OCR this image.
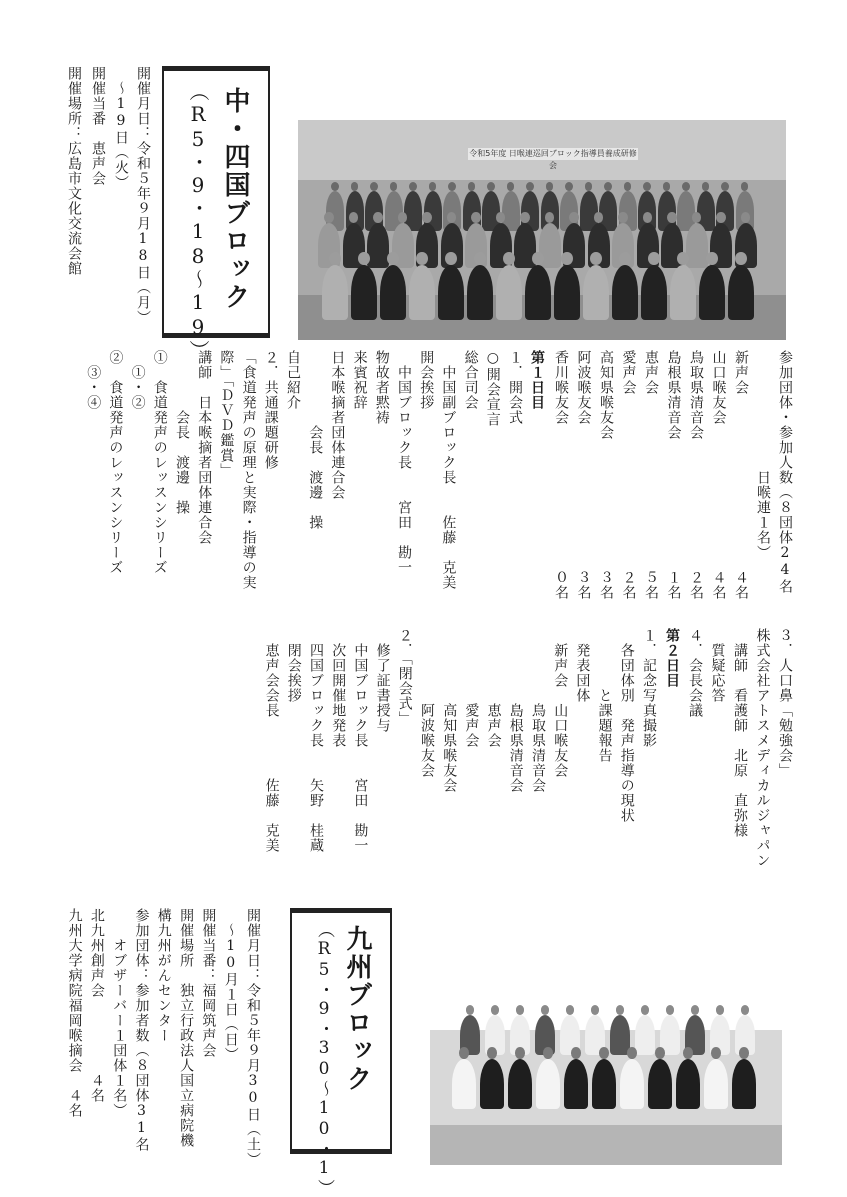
中・四国ブロック
（R5・9・18〜19）
開催月日：令和５年９月18日（月）
　〜19日（火）
開催当番　恵声会
開催場所：広島市文化交流会館	令和5年度 日喉連巡回ブロック指導員養成研修会
参加団体・参加人数（８団体24名
　　　　　　　　日喉連１名）
新声会
４名
山口喉友会
４名
鳥取県清音会
２名
島根県清音会
１名
恵声会
５名
愛声会
２名
高知県喉友会
３名
阿波喉友会
３名
香川喉友会
０名
第１日目
１．開会式
○開会宣言
総合司会
　中国副ブロック長　　佐藤　克美
開会挨拶
　中国ブロック長　　宮田　勘一
物故者黙祷
来賓祝辞
日本喉摘者団体連合会
　　　　　会長　渡邊　操
自己紹介
２．共通課題研修
「食道発声の原理と実際・指導の実
際」「ＤＶＤ鑑賞」
講師　日本喉摘者団体連合会
　　　　会長　渡邊　操
①　食道発声のレッスンシリーズ
　①・②
②　食道発声のレッスンシリーズ
　③・④
３．人口鼻「勉強会」
株式会社アトスメディカルジャパン
　講師　看護師　北原　直弥様
　質疑応答
４．会長会議
第２日目
１．記念写真撮影
　各団体別　発声指導の現状
　　　　と課題報告
　発表団体
　新声会　山口喉友会
　　　　　鳥取県清音会
　　　　　島根県清音会
　　　　　恵声会
　　　　　愛声会
　　　　　高知県喉友会
　　　　　阿波喉友会
２．「閉会式」
　修了証書授与
　中国ブロック長　　宮田　勘一
　次回開催地発表
　四国ブロック長　　矢野　桂蔵
　閉会挨拶
　恵声会会長　　　　佐藤　克美
九州ブロック
（R5・9・30〜10・1）
開催月日：令和５年９月30日（土）
　〜10月１日（日）
開催当番：福岡筑声会
開催場所　独立行政法人国立病院機
構九州がんセンター
参加団体：参加者数（８団体31名
　　オブザーバー１団体１名）
北九州創声会　　　　　４名
九州大学病院福岡喉摘会　４名
